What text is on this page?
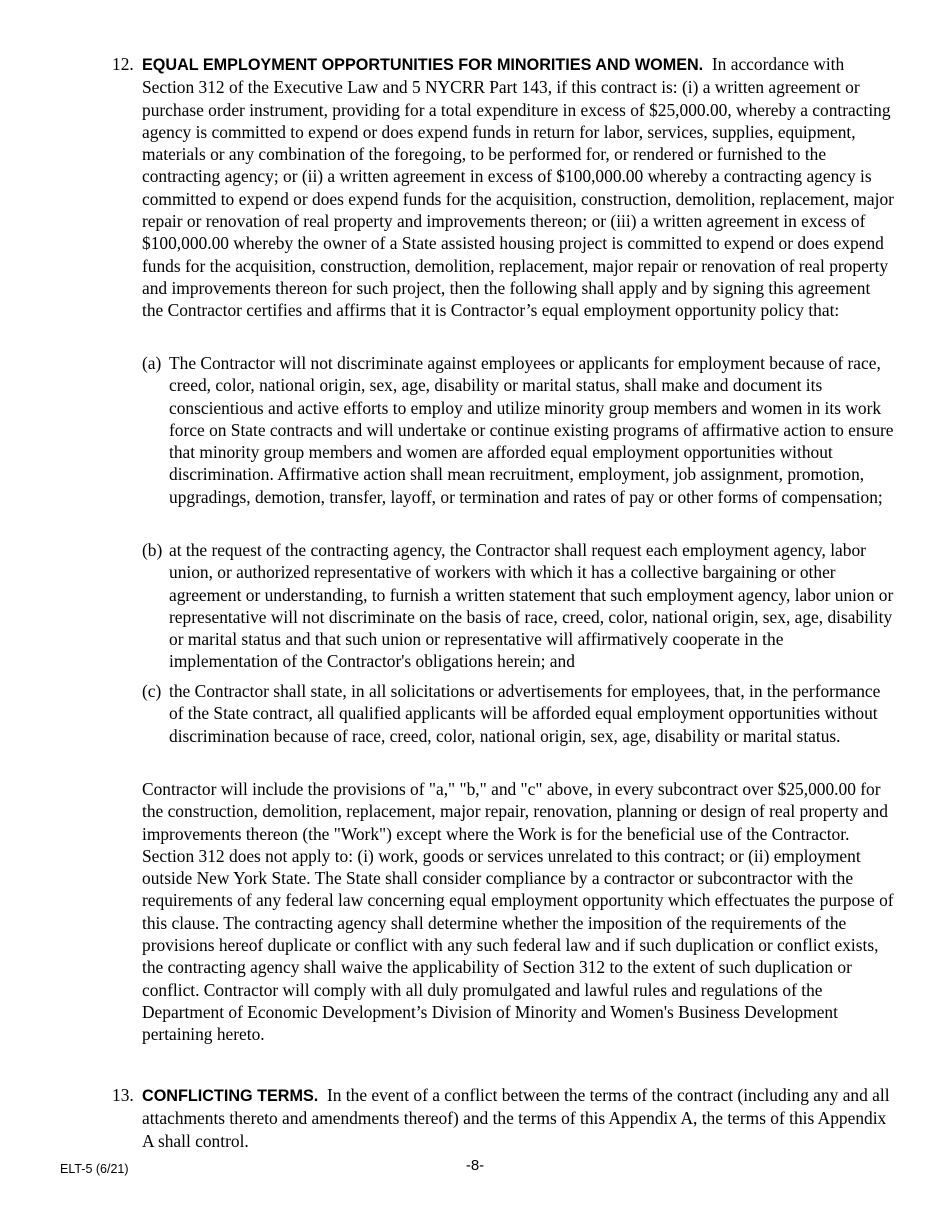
12. EQUAL EMPLOYMENT OPPORTUNITIES FOR MINORITIES AND WOMEN. In accordance with Section 312 of the Executive Law and 5 NYCRR Part 143, if this contract is: (i) a written agreement or purchase order instrument, providing for a total expenditure in excess of $25,000.00, whereby a contracting agency is committed to expend or does expend funds in return for labor, services, supplies, equipment, materials or any combination of the foregoing, to be performed for, or rendered or furnished to the contracting agency; or (ii) a written agreement in excess of $100,000.00 whereby a contracting agency is committed to expend or does expend funds for the acquisition, construction, demolition, replacement, major repair or renovation of real property and improvements thereon; or (iii) a written agreement in excess of $100,000.00 whereby the owner of a State assisted housing project is committed to expend or does expend funds for the acquisition, construction, demolition, replacement, major repair or renovation of real property and improvements thereon for such project, then the following shall apply and by signing this agreement the Contractor certifies and affirms that it is Contractor’s equal employment opportunity policy that:

(a) The Contractor will not discriminate against employees or applicants for employment because of race, creed, color, national origin, sex, age, disability or marital status, shall make and document its conscientious and active efforts to employ and utilize minority group members and women in its work force on State contracts and will undertake or continue existing programs of affirmative action to ensure that minority group members and women are afforded equal employment opportunities without discrimination. Affirmative action shall mean recruitment, employment, job assignment, promotion, upgradings, demotion, transfer, layoff, or termination and rates of pay or other forms of compensation;

(b) at the request of the contracting agency, the Contractor shall request each employment agency, labor union, or authorized representative of workers with which it has a collective bargaining or other agreement or understanding, to furnish a written statement that such employment agency, labor union or representative will not discriminate on the basis of race, creed, color, national origin, sex, age, disability or marital status and that such union or representative will affirmatively cooperate in the implementation of the Contractor's obligations herein; and

(c) the Contractor shall state, in all solicitations or advertisements for employees, that, in the performance of the State contract, all qualified applicants will be afforded equal employment opportunities without discrimination because of race, creed, color, national origin, sex, age, disability or marital status.

Contractor will include the provisions of "a," "b," and "c" above, in every subcontract over $25,000.00 for the construction, demolition, replacement, major repair, renovation, planning or design of real property and improvements thereon (the "Work") except where the Work is for the beneficial use of the Contractor. Section 312 does not apply to: (i) work, goods or services unrelated to this contract; or (ii) employment outside New York State. The State shall consider compliance by a contractor or subcontractor with the requirements of any federal law concerning equal employment opportunity which effectuates the purpose of this clause. The contracting agency shall determine whether the imposition of the requirements of the provisions hereof duplicate or conflict with any such federal law and if such duplication or conflict exists, the contracting agency shall waive the applicability of Section 312 to the extent of such duplication or conflict. Contractor will comply with all duly promulgated and lawful rules and regulations of the Department of Economic Development’s Division of Minority and Women's Business Development pertaining hereto.

13. CONFLICTING TERMS. In the event of a conflict between the terms of the contract (including any and all attachments thereto and amendments thereof) and the terms of this Appendix A, the terms of this Appendix A shall control.

ELT-5 (6/21)	-8-
